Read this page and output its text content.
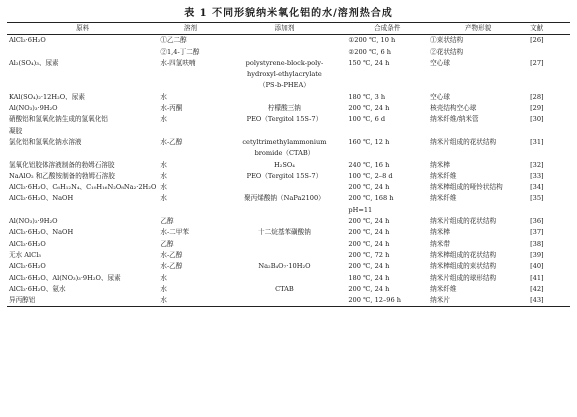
表 1 不同形貌纳米氧化铝的水/溶剂热合成
原料	溶剂	添加剂	合成条件	产物形貌	文献
AlCl₃·6H₂O	①乙二醇		①200 ℃, 10 h	①束状结构	[26]
	②1,4-丁二醇		②200 ℃, 6 h	②花状结构	
Al₂(SO₄)₃、尿素	水-四氢呋喃	polystyrene-block-poly-	150 ℃, 24 h	空心球	[27]
		hydroxyl-ethylacrylate			
		（PS-b-PHEA）			
KAl(SO₄)₂·12H₂O、尿素	水		180 ℃, 3 h	空心球	[28]
Al(NO₃)₃·9H₂O	水-丙酮	柠檬酸三钠	200 ℃, 24 h	核壳结构空心球	[29]
硝酸铝和氢氧化钠生成的氢氧化铝	水	PEO（Tergitol 15S-7）	100 ℃, 6 d	纳米纤维/纳米管	[30]
凝胶					
氯化铝和氢氧化钠水溶液	水-乙醇	cetyltrimethylammonium	160 ℃, 12 h	纳米片组成的花状结构	[31]
		bromide（CTAB）			
氢氧化铝胶体溶液制备的勃姆石溶胶	水	H₂SO₄	240 ℃, 16 h	纳米棒	[32]
NaAlO₂ 和乙酸铵制备的勃姆石溶胶	水	PEO（Tergitol 15S-7）	100 ℃, 2–8 d	纳米纤维	[33]
AlCl₃·6H₂O、C₆H₁₂N₄、C₁₀H₁₆N₂O₈Na₂·2H₂O	水		200 ℃, 24 h	纳米棒组成的哑铃状结构	[34]
AlCl₃·6H₂O、NaOH	水	聚丙烯酸钠（NaPa2100）	200 ℃, 168 h	纳米纤维	[35]
			pH=11		
Al(NO₃)₃·9H₂O	乙醇		200 ℃, 24 h	纳米片组成的花状结构	[36]
AlCl₃·6H₂O、NaOH	水-二甲苯	十二烷基苯磺酸钠	200 ℃, 24 h	纳米棒	[37]
AlCl₃·6H₂O	乙醇		200 ℃, 24 h	纳米带	[38]
无水 AlCl₃	水-乙醇		200 ℃, 72 h	纳米棒组成的花状结构	[39]
AlCl₃·6H₂O	水-乙醇	Na₂B₄O₇·10H₂O	200 ℃, 24 h	纳米棒组成的束状结构	[40]
AlCl₃·6H₂O、Al(NO₃)₃·9H₂O、尿素	水		180 ℃, 24 h	纳米片组成的球形结构	[41]
AlCl₃·6H₂O、氨水	水	CTAB	200 ℃, 24 h	纳米纤维	[42]
异丙醇铝	水		200 ℃, 12–96 h	纳米片	[43]
